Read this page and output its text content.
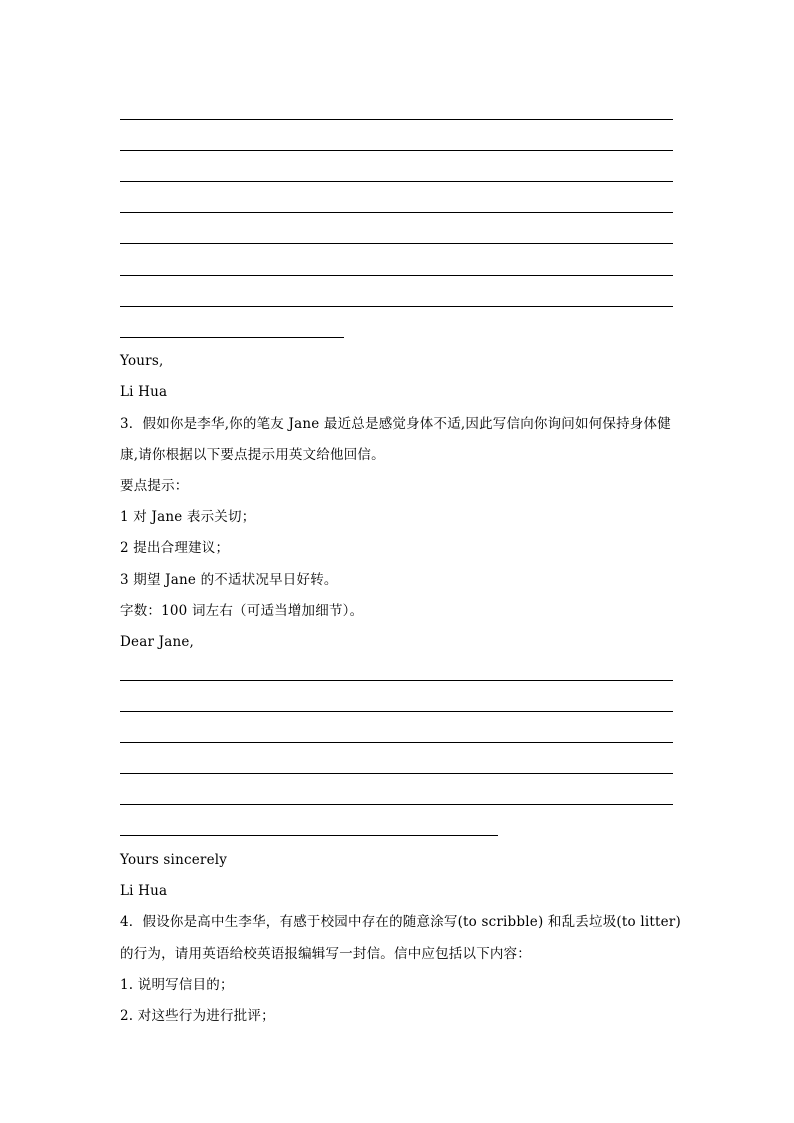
Yours,
Li Hua
3．假如你是李华,你的笔友 Jane 最近总是感觉身体不适,因此写信向你询问如何保持身体健
康,请你根据以下要点提示用英文给他回信。
要点提示：
1 对 Jane 表示关切；
2 提出合理建议；
3 期望 Jane 的不适状况早日好转。
字数：100 词左右（可适当增加细节）。
Dear Jane,
Yours sincerely
Li Hua
4．假设你是高中生李华，有感于校园中存在的随意涂写(to scribble) 和乱丢垃圾(to litter)
的行为，请用英语给校英语报编辑写一封信。信中应包括以下内容：
1. 说明写信目的；
2. 对这些行为进行批评；
